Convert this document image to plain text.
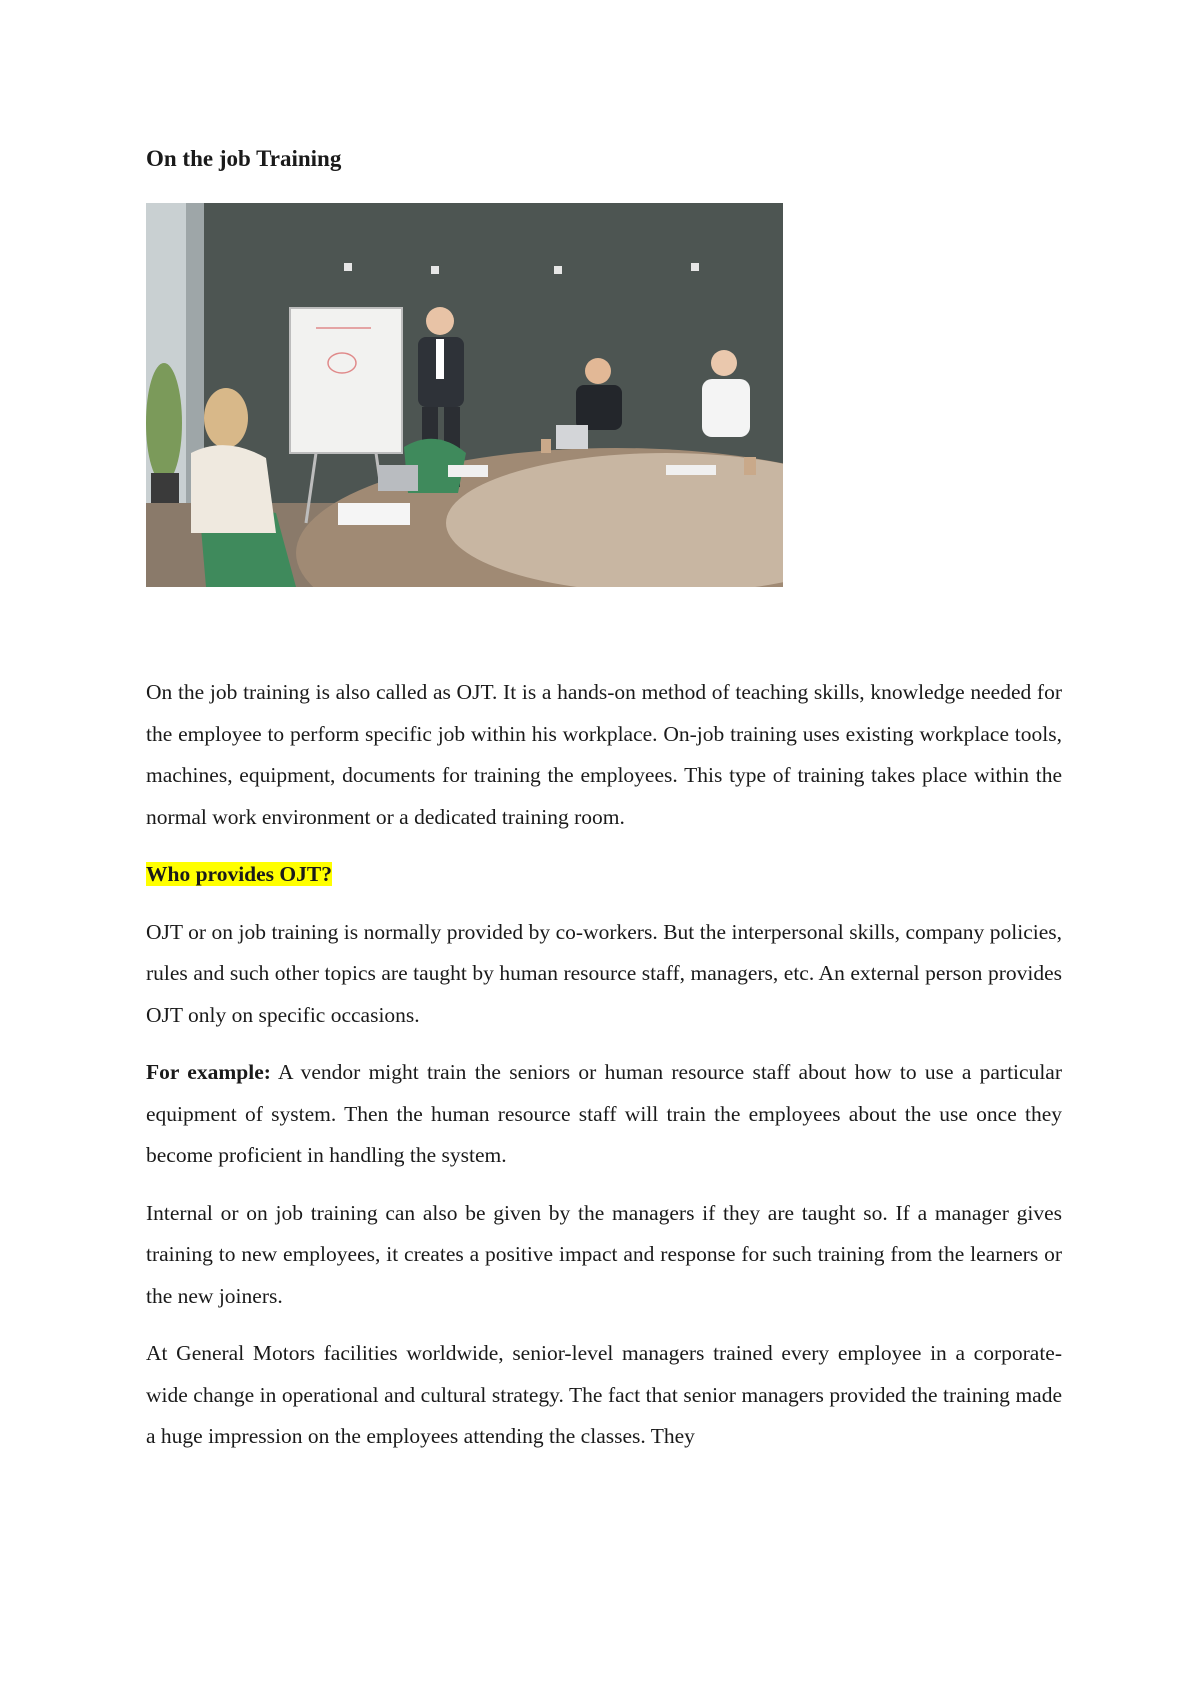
On the job Training

On the job training is also called as OJT. It is a hands-on method of teaching skills, knowledge needed for the employee to perform specific job within his workplace. On-job training uses existing workplace tools, machines, equipment, documents for training the employees. This type of training takes place within the normal work environment or a dedicated training room.

Who provides OJT?

OJT or on job training is normally provided by co-workers. But the interpersonal skills, company policies, rules and such other topics are taught by human resource staff, managers, etc. An external person provides OJT only on specific occasions.

For example: A vendor might train the seniors or human resource staff about how to use a particular equipment of system. Then the human resource staff will train the employees about the use once they become proficient in handling the system.

Internal or on job training can also be given by the managers if they are taught so. If a manager gives training to new employees, it creates a positive impact and response for such training from the learners or the new joiners.

At General Motors facilities worldwide, senior-level managers trained every employee in a corporate-wide change in operational and cultural strategy. The fact that senior managers provided the training made a huge impression on the employees attending the classes. They
